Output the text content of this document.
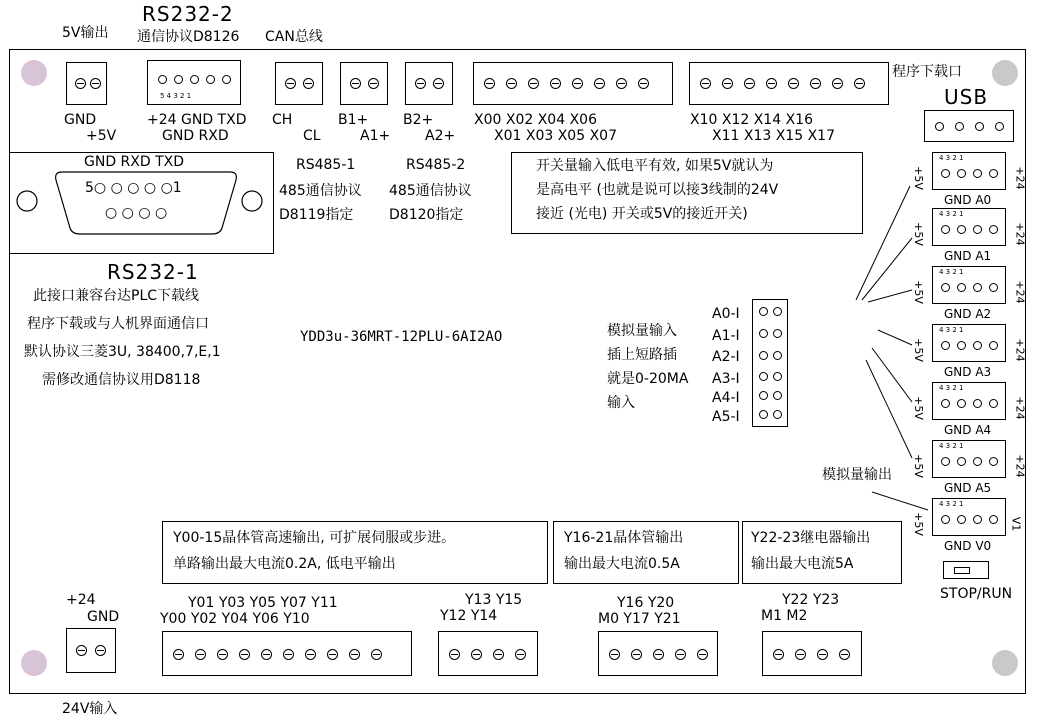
5V输出
RS232-2
通信协议D8126 CAN总线
程序下载口
USB
GND
+5V
5 4 3 2 1
+24 GND TXD
GND RXD
CH
CL
B1+
A1+
B2+
A2+
X00 X02 X04 X06
X01 X03 X05 X07
X10 X12 X14 X16
X11 X13 X15 X17
GND RXD TXD
5○ ○ ○ ○ ○1
○ ○ ○ ○
RS232-1
此接口兼容台达PLC下载线
程序下载或与人机界面通信口
默认协议三菱3U, 38400,7,E,1
需修改通信协议用D8118
RS485-1
485通信协议
D8119指定
RS485-2
485通信协议
D8120指定
开关量输入低电平有效, 如果5V就认为
是高电平 (也就是说可以接3线制的24V
接近 (光电) 开关或5V的接近开关)
YDD3u-36MRT-12PLU-6AI2AO	模拟量输入
插上短路插
就是0-20MA
输入
A0-I
A1-I
A2-I
A3-I
A4-I
A5-I
+5V
4 3 2 1
+24
GND A0
+5V
4 3 2 1
+24
GND A1
+5V
4 3 2 1
+24
GND A2
+5V
4 3 2 1
+24
GND A3
+5V
4 3 2 1
+24
GND A4
+5V
4 3 2 1
+24
GND A5
模拟量输出
+5V
4 3 2 1
V1
GND V0
STOP/RUN
Y00-15晶体管高速输出, 可扩展伺服或步进。
单路输出最大电流0.2A, 低电平输出
Y16-21晶体管输出
输出最大电流0.5A
Y22-23继电器输出
输出最大电流5A
+24
GND
24V输入
Y01 Y03 Y05 Y07 Y11
Y00 Y02 Y04 Y06 Y10
Y13 Y15
Y12 Y14
Y16 Y20
M0 Y17 Y21
Y22 Y23
M1 M2
